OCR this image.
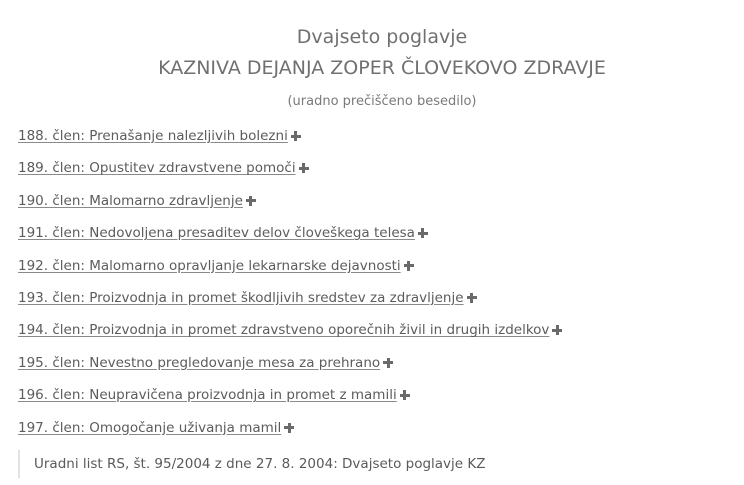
Dvajseto poglavje
KAZNIVA DEJANJA ZOPER ČLOVEKOVO ZDRAVJE
(uradno prečiščeno besedilo)
188. člen: Prenašanje nalezljivih bolezni
189. člen: Opustitev zdravstvene pomoči
190. člen: Malomarno zdravljenje
191. člen: Nedovoljena presaditev delov človeškega telesa
192. člen: Malomarno opravljanje lekarnarske dejavnosti
193. člen: Proizvodnja in promet škodljivih sredstev za zdravljenje
194. člen: Proizvodnja in promet zdravstveno oporečnih živil in drugih izdelkov
195. člen: Nevestno pregledovanje mesa za prehrano
196. člen: Neupravičena proizvodnja in promet z mamili
197. člen: Omogočanje uživanja mamil
Uradni list RS, št. 95/2004 z dne 27. 8. 2004: Dvajseto poglavje KZ
